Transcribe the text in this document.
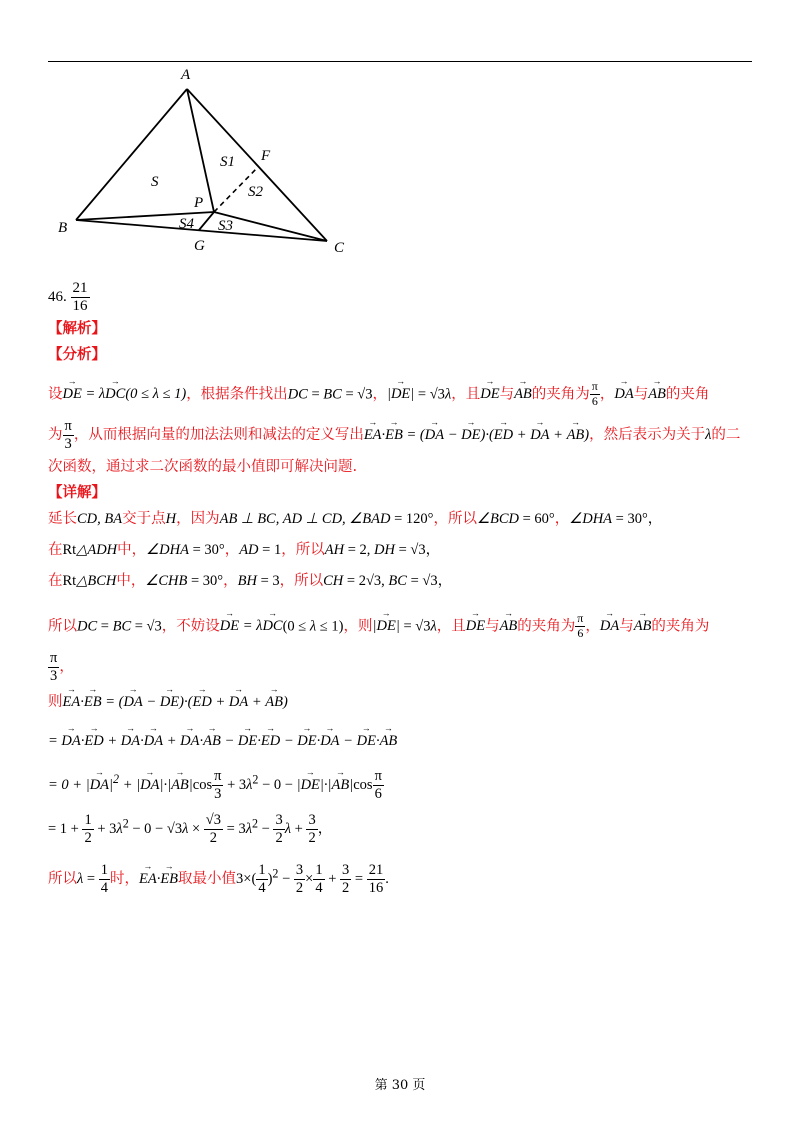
A
B
C
P
F
G
S
S1
S2
S3
S4
46. $\frac{21}{16}$
【解析】
【分析】
设DE → = λDC →(0 ≤ λ ≤ 1)，根据条件找出DC = BC = √3，|DE →| = √3λ，且DE →与AB →的夹角为 $\frac{\pi}{6}$ ，DA →与AB →的夹角
为 $\frac{\pi}{3}$ ，从而根据向量的加法法则和减法的定义写出EA →·EB → = (DA → − DE →)·(ED → + DA → + AB →)，然后表示为关于λ的二
次函数，通过求二次函数的最小值即可解决问题.
【详解】
延长CD, BA交于点H，因为AB ⊥ BC, AD ⊥ CD, ∠BAD = 120°，所以∠BCD = 60°，∠DHA = 30°，
在Rt△ADH中，∠DHA = 30°，AD = 1，所以AH = 2, DH = √3，
在Rt△BCH中，∠CHB = 30°，BH = 3，所以CH = 2√3, BC = √3，
所以DC = BC = √3，不妨设DE → = λDC →(0 ≤ λ ≤ 1)，则|DE →| = √3λ，且DE →与AB →的夹角为 $\frac{\pi}{6}$ ，DA →与AB →的夹角为
$\frac{\pi}{3}$ ，
则EA →·EB → = (DA → − DE →)·(ED → + DA → + AB →)
= DA →·ED → + DA →·DA → + DA →·AB → − DE →·ED → − DE →·DA → − DE →·AB →
= $0 + |DA \to|^2 + |DA \to|\cdot|AB \to|\cos \frac{\pi}{3} + 3\lambda^2 - 0 - |DE \to|\cdot|AB \to|\cos \frac{\pi}{6}$
= $1 + \frac{1}{2} + 3\lambda^2 - 0 - √3\lambda \times \frac{√3}{2} = 3\lambda^2 - \frac{3}{2}$ $\lambda + \frac{3}{2}$ ，
所以$\lambda = \frac{1}{4}$ 时，EA →·EB →取最小值$3\times( \frac{1}{4} )^2 - \frac{3}{2} \times \frac{1}{4} + \frac{3}{2} = \frac{21}{16}$ .
第 30 页
